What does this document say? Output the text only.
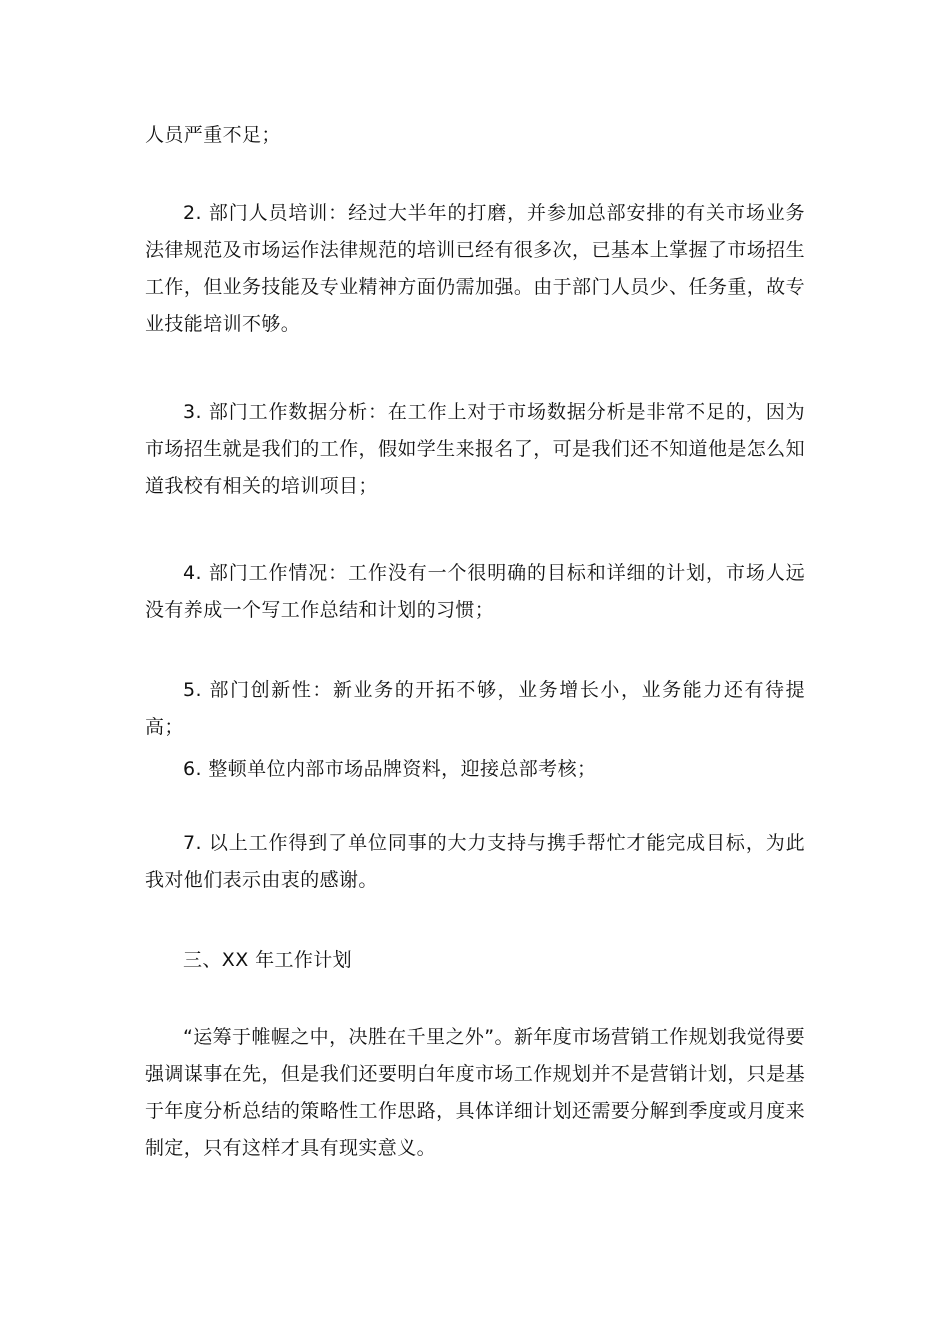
人员严重不足；

2. 部门人员培训：经过大半年的打磨，并参加总部安排的有关市场业务法律规范及市场运作法律规范的培训已经有很多次，已基本上掌握了市场招生工作，但业务技能及专业精神方面仍需加强。由于部门人员少、任务重，故专业技能培训不够。

3. 部门工作数据分析：在工作上对于市场数据分析是非常不足的，因为市场招生就是我们的工作，假如学生来报名了，可是我们还不知道他是怎么知道我校有相关的培训项目；

4. 部门工作情况：工作没有一个很明确的目标和详细的计划，市场人远没有养成一个写工作总结和计划的习惯；

5. 部门创新性：新业务的开拓不够，业务增长小，业务能力还有待提高；

6. 整顿单位内部市场品牌资料，迎接总部考核；

7. 以上工作得到了单位同事的大力支持与携手帮忙才能完成目标，为此我对他们表示由衷的感谢。

三、XX 年工作计划

“运筹于帷幄之中，决胜在千里之外”。新年度市场营销工作规划我觉得要强调谋事在先，但是我们还要明白年度市场工作规划并不是营销计划，只是基于年度分析总结的策略性工作思路，具体详细计划还需要分解到季度或月度来制定，只有这样才具有现实意义。
